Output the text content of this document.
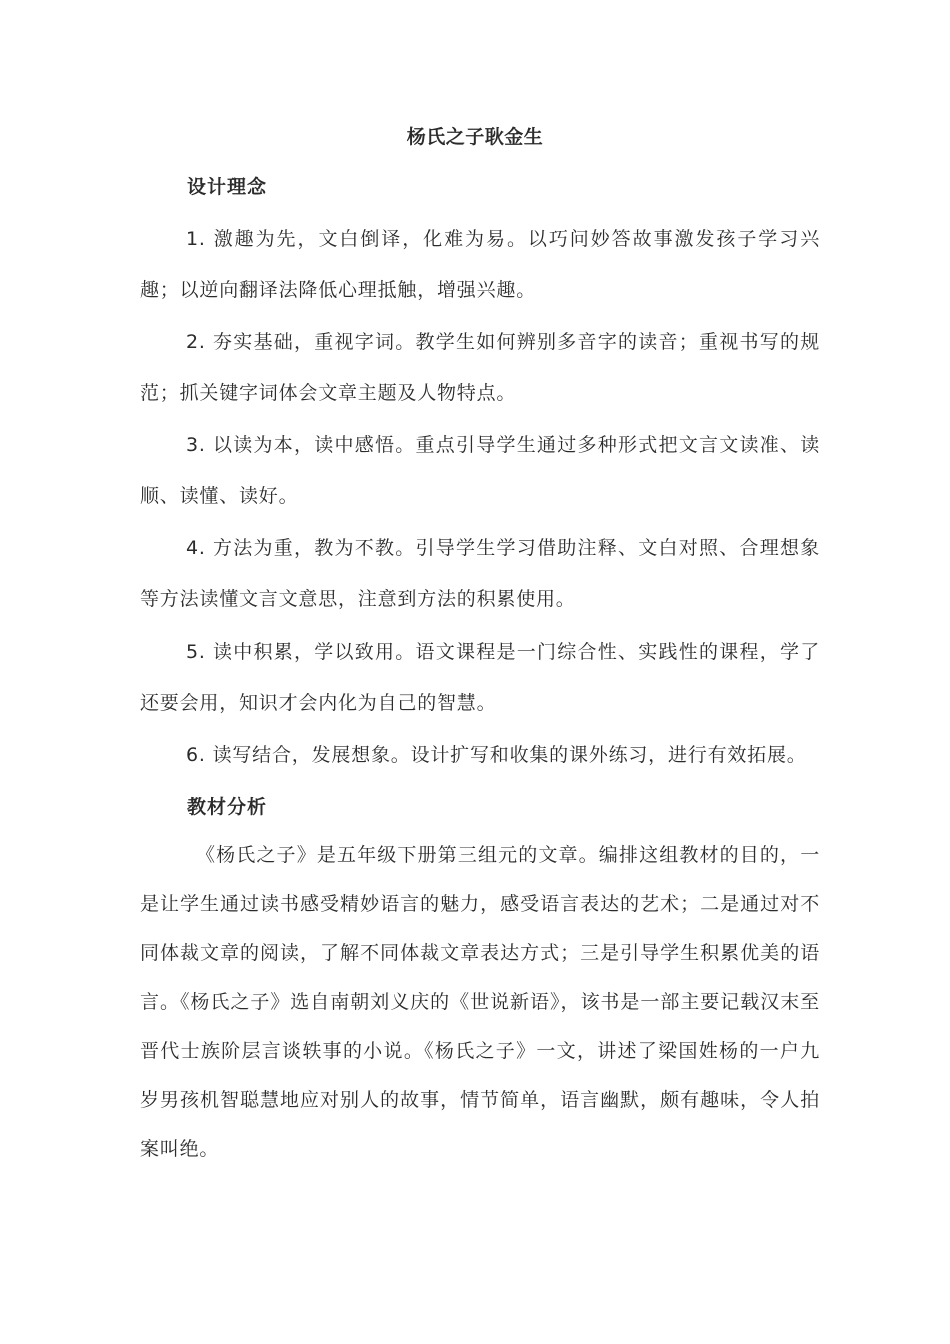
杨氏之子耿金生
设计理念

1. 激趣为先，文白倒译，化难为易。以巧问妙答故事激发孩子学习兴趣；以逆向翻译法降低心理抵触，增强兴趣。

2. 夯实基础，重视字词。教学生如何辨别多音字的读音；重视书写的规范；抓关键字词体会文章主题及人物特点。

3. 以读为本，读中感悟。重点引导学生通过多种形式把文言文读准、读顺、读懂、读好。

4. 方法为重，教为不教。引导学生学习借助注释、文白对照、合理想象等方法读懂文言文意思，注意到方法的积累使用。

5. 读中积累，学以致用。语文课程是一门综合性、实践性的课程，学了还要会用，知识才会内化为自己的智慧。

6. 读写结合，发展想象。设计扩写和收集的课外练习，进行有效拓展。

教材分析

《杨氏之子》是五年级下册第三组元的文章。编排这组教材的目的，一是让学生通过读书感受精妙语言的魅力，感受语言表达的艺术；二是通过对不同体裁文章的阅读，了解不同体裁文章表达方式；三是引导学生积累优美的语言。《杨氏之子》选自南朝刘义庆的《世说新语》，该书是一部主要记载汉末至晋代士族阶层言谈轶事的小说。《杨氏之子》一文，讲述了梁国姓杨的一户九岁男孩机智聪慧地应对别人的故事，情节简单，语言幽默，颇有趣味，令人拍案叫绝。
